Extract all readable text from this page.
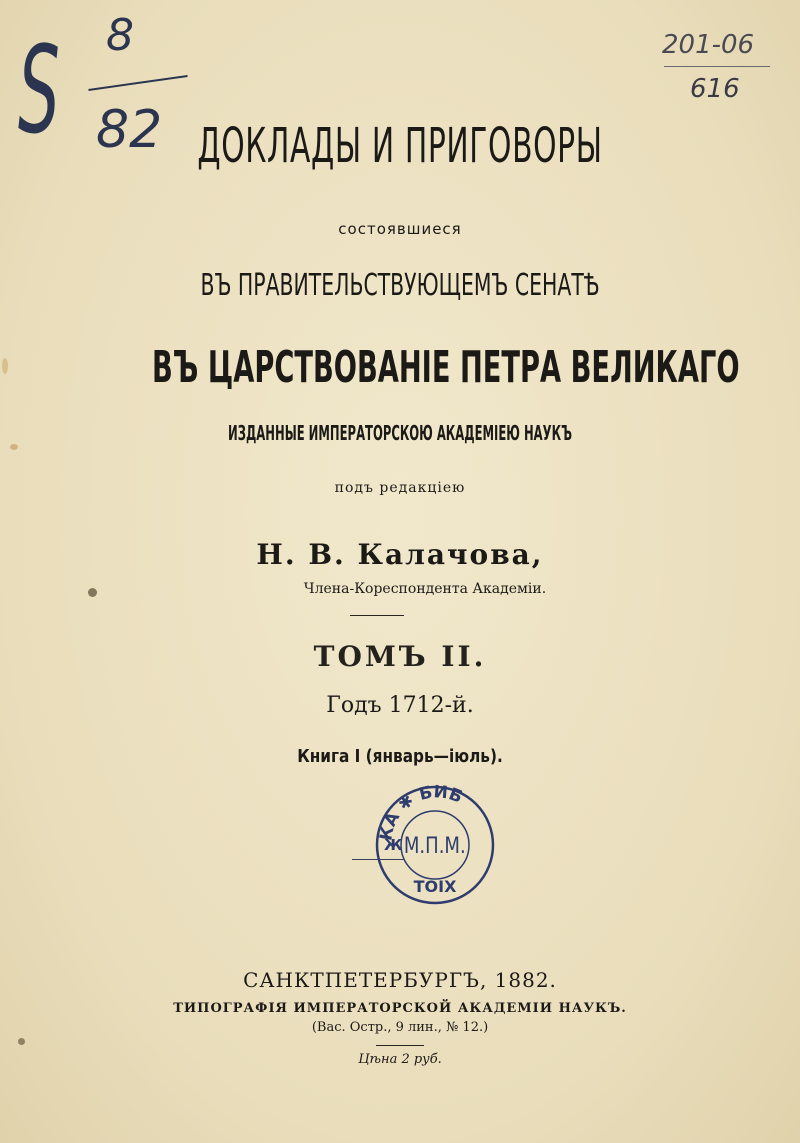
S 8
82
201-06
616
ДОКЛАДЫ И ПРИГОВОРЫ
состоявшиеся
ВЪ ПРАВИТЕЛЬСТВУЮЩЕМЪ СЕНАТѢ
ВЪ ЦАРСТВОВАНІЕ ПЕТРА ВЕЛИКАГО
ИЗДАННЫЕ ИМПЕРАТОРСКОЮ АКАДЕМІЕЮ НАУКЪ
подъ редакціею
Н. В. Калачова,
Члена-Кореспондента Академіи.
ТОМЪ II.
Годъ 1712-й.
Книга I (январь—іюль).
КА ✱ БИБ
М.П.М.
Ж
ТОІХ
САНКТПЕТЕРБУРГЪ, 1882.
ТИПОГРАФІЯ ИМПЕРАТОРСКОЙ АКАДЕМІИ НАУКЪ.
(Вас. Остр., 9 лин., № 12.)
Цѣна 2 руб.
